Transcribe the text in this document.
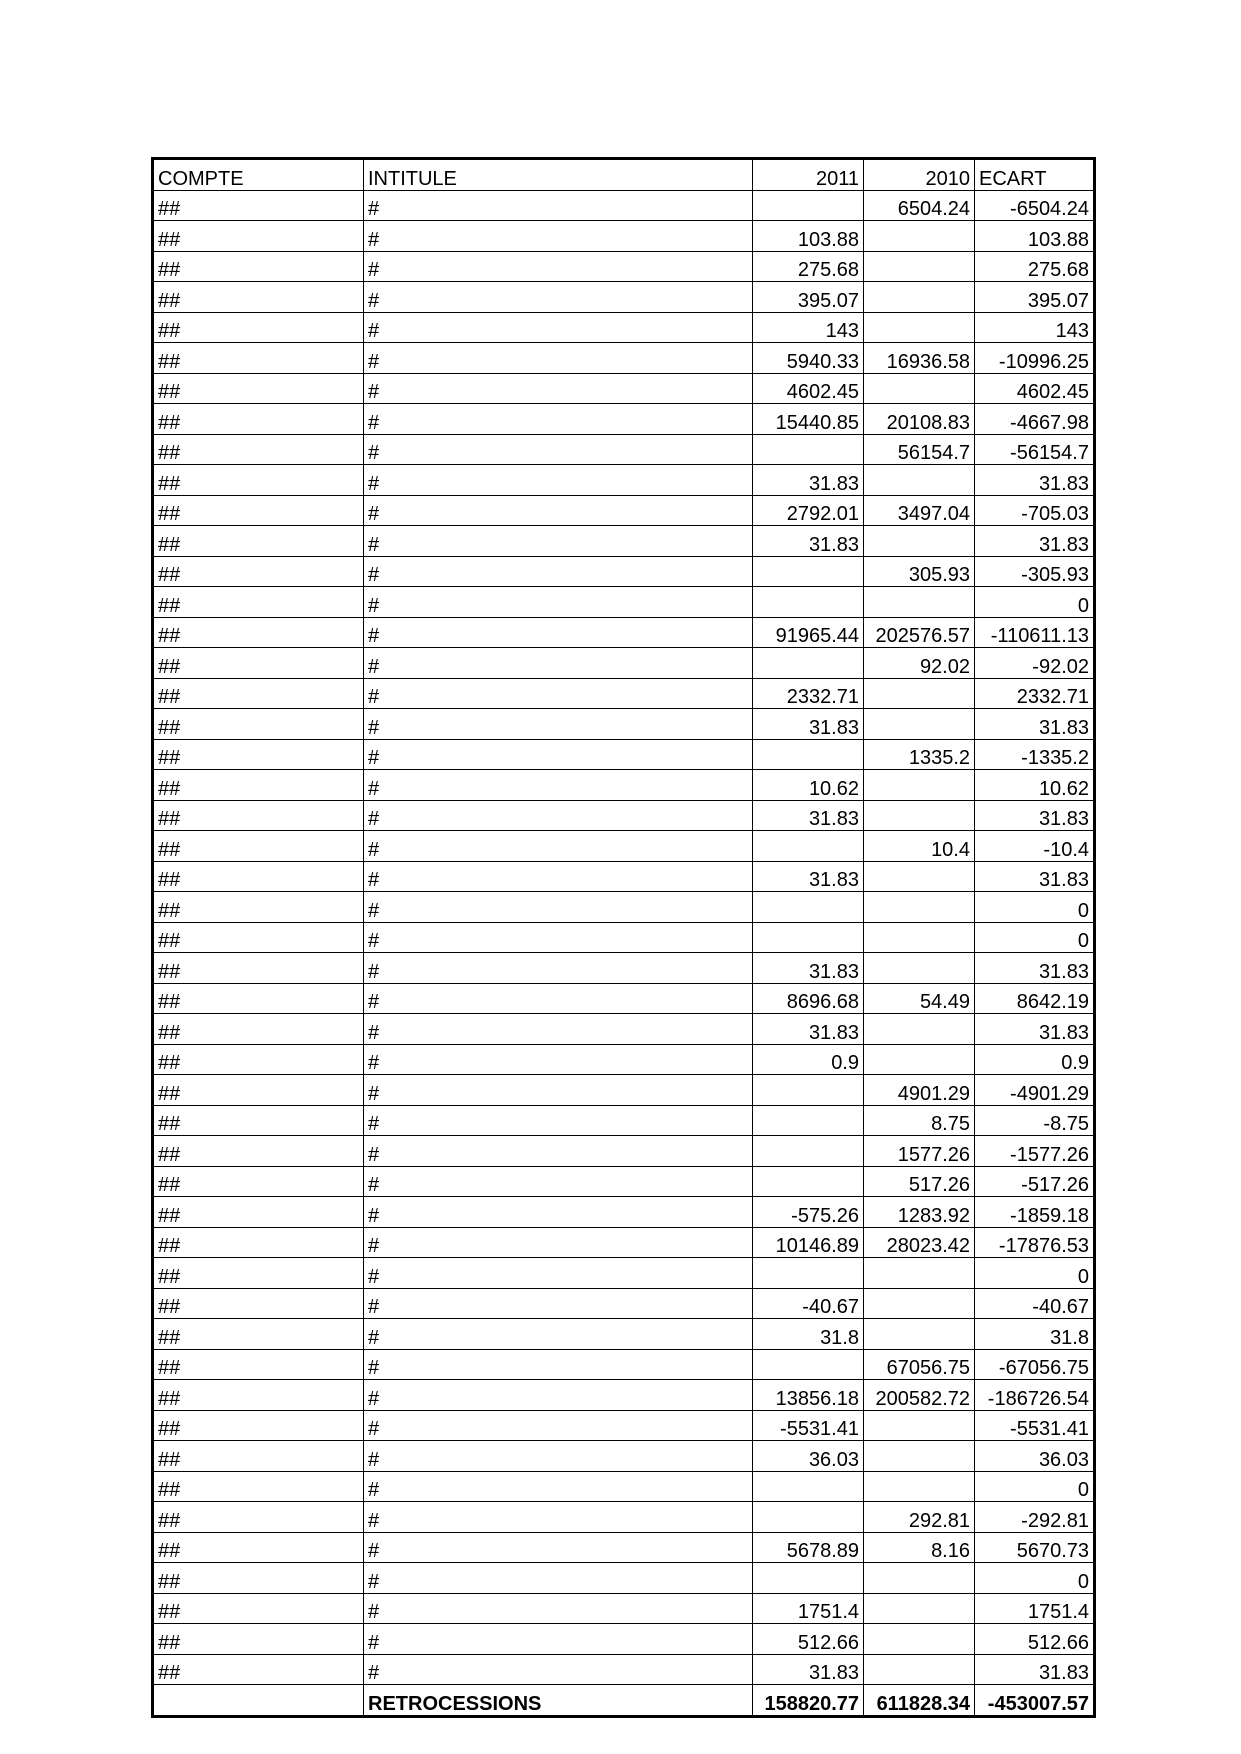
COMPTE	INTITULE	2011	2010	ECART
##	#		6504.24	-6504.24
##	#	103.88		103.88
##	#	275.68		275.68
##	#	395.07		395.07
##	#	143		143
##	#	5940.33	16936.58	-10996.25
##	#	4602.45		4602.45
##	#	15440.85	20108.83	-4667.98
##	#		56154.7	-56154.7
##	#	31.83		31.83
##	#	2792.01	3497.04	-705.03
##	#	31.83		31.83
##	#		305.93	-305.93
##	#			0
##	#	91965.44	202576.57	-110611.13
##	#		92.02	-92.02
##	#	2332.71		2332.71
##	#	31.83		31.83
##	#		1335.2	-1335.2
##	#	10.62		10.62
##	#	31.83		31.83
##	#		10.4	-10.4
##	#	31.83		31.83
##	#			0
##	#			0
##	#	31.83		31.83
##	#	8696.68	54.49	8642.19
##	#	31.83		31.83
##	#	0.9		0.9
##	#		4901.29	-4901.29
##	#		8.75	-8.75
##	#		1577.26	-1577.26
##	#		517.26	-517.26
##	#	-575.26	1283.92	-1859.18
##	#	10146.89	28023.42	-17876.53
##	#			0
##	#	-40.67		-40.67
##	#	31.8		31.8
##	#		67056.75	-67056.75
##	#	13856.18	200582.72	-186726.54
##	#	-5531.41		-5531.41
##	#	36.03		36.03
##	#			0
##	#		292.81	-292.81
##	#	5678.89	8.16	5670.73
##	#			0
##	#	1751.4		1751.4
##	#	512.66		512.66
##	#	31.83		31.83
	RETROCESSIONS	158820.77	611828.34	-453007.57
